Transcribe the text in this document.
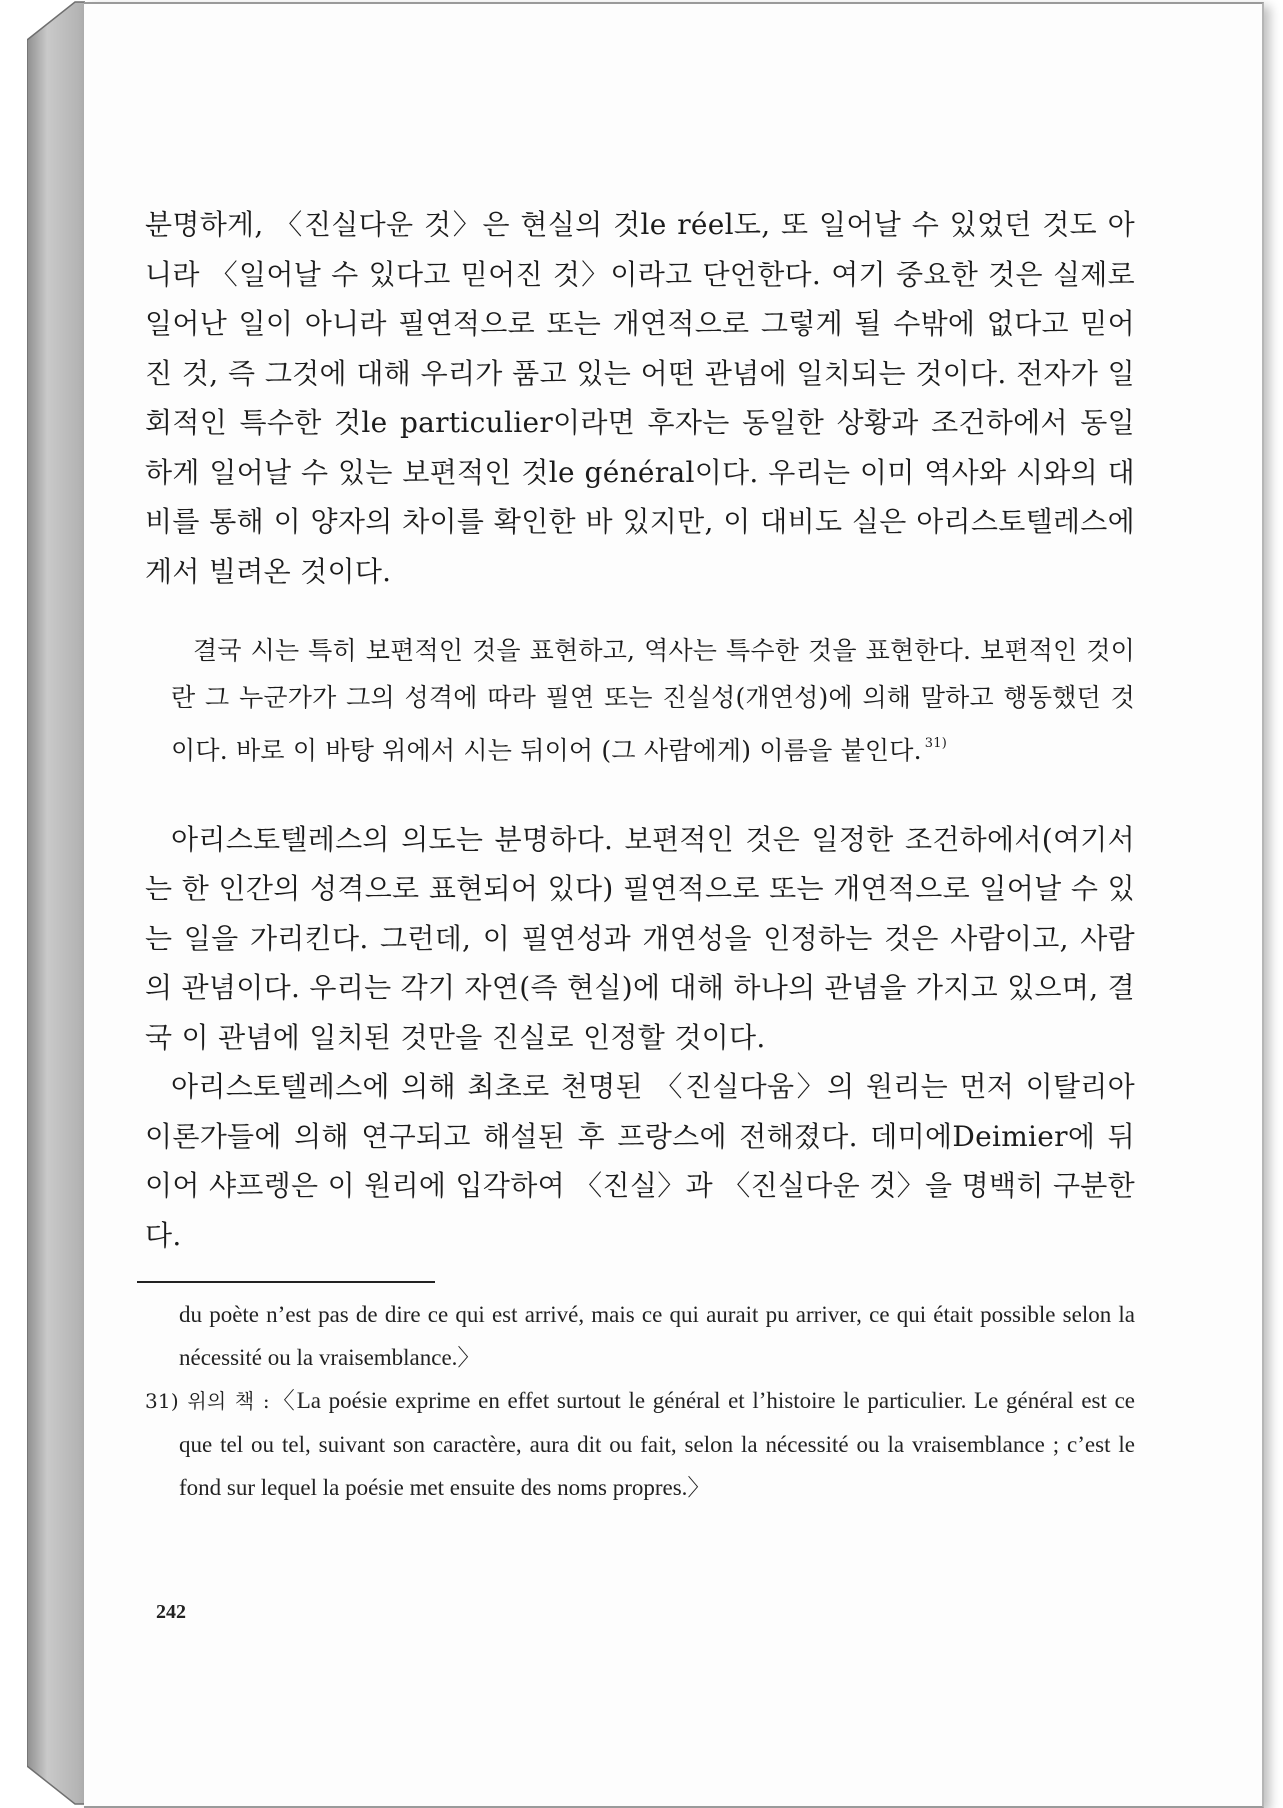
분명하게, 〈진실다운 것〉은 현실의 것le réel도, 또 일어날 수 있었던 것도 아니라 〈일어날 수 있다고 믿어진 것〉이라고 단언한다. 여기 중요한 것은 실제로 일어난 일이 아니라 필연적으로 또는 개연적으로 그렇게 될 수밖에 없다고 믿어진 것, 즉 그것에 대해 우리가 품고 있는 어떤 관념에 일치되는 것이다. 전자가 일회적인 특수한 것le particulier이라면 후자는 동일한 상황과 조건하에서 동일하게 일어날 수 있는 보편적인 것le général이다. 우리는 이미 역사와 시와의 대비를 통해 이 양자의 차이를 확인한 바 있지만, 이 대비도 실은 아리스토텔레스에게서 빌려온 것이다.

결국 시는 특히 보편적인 것을 표현하고, 역사는 특수한 것을 표현한다. 보편적인 것이란 그 누군가가 그의 성격에 따라 필연 또는 진실성(개연성)에 의해 말하고 행동했던 것이다. 바로 이 바탕 위에서 시는 뒤이어 (그 사람에게) 이름을 붙인다. $^{31)}$

아리스토텔레스의 의도는 분명하다. 보편적인 것은 일정한 조건하에서(여기서는 한 인간의 성격으로 표현되어 있다) 필연적으로 또는 개연적으로 일어날 수 있는 일을 가리킨다. 그런데, 이 필연성과 개연성을 인정하는 것은 사람이고, 사람의 관념이다. 우리는 각기 자연(즉 현실)에 대해 하나의 관념을 가지고 있으며, 결국 이 관념에 일치된 것만을 진실로 인정할 것이다.

아리스토텔레스에 의해 최초로 천명된 〈진실다움〉의 원리는 먼저 이탈리아 이론가들에 의해 연구되고 해설된 후 프랑스에 전해졌다. 데미에Deimier에 뒤이어 샤프렝은 이 원리에 입각하여 〈진실〉과 〈진실다운 것〉을 명백히 구분한다.

du poète n’est pas de dire ce qui est arrivé, mais ce qui aurait pu arriver, ce qui était possible selon la nécessité ou la vraisemblance.〉

31) 위의 책 :〈La poésie exprime en effet surtout le général et l’histoire le particulier. Le général est ce que tel ou tel, suivant son caractère, aura dit ou fait, selon la nécessité ou la vraisemblance ; c’est le fond sur lequel la poésie met ensuite des noms propres.〉

242
